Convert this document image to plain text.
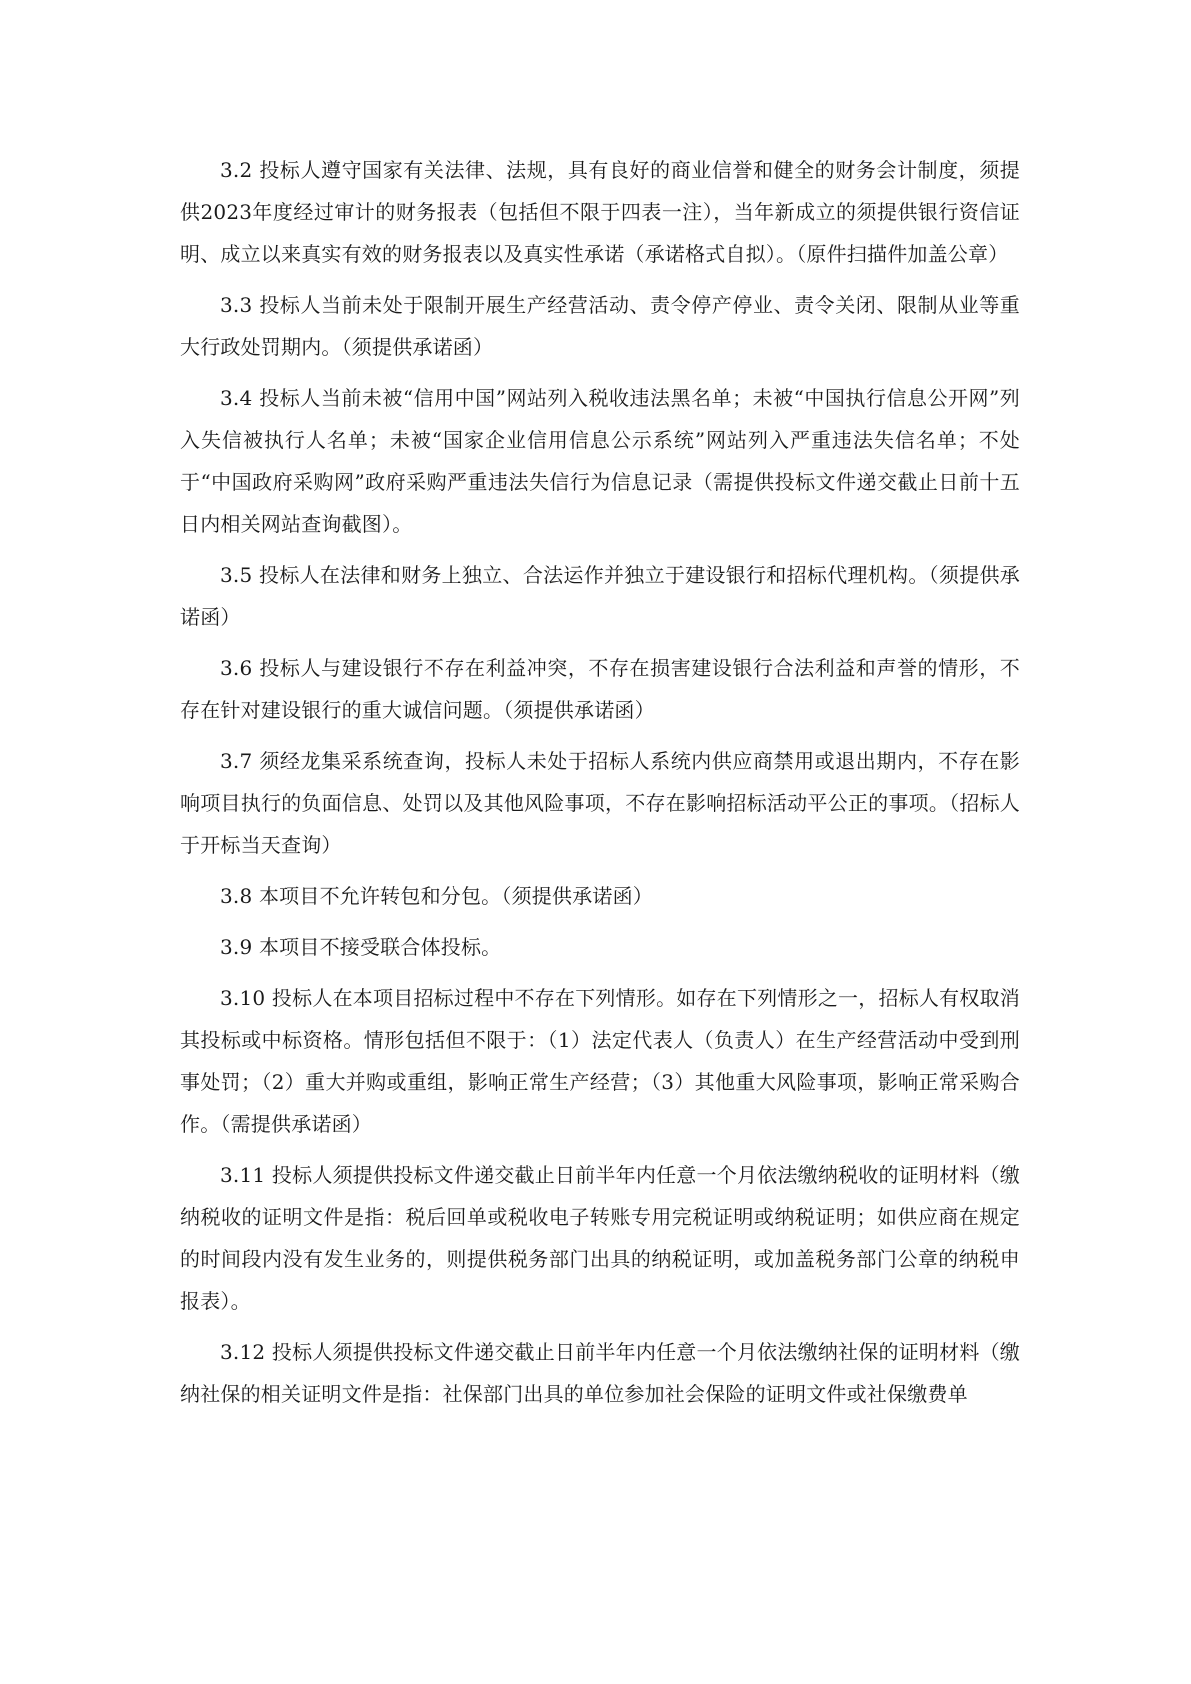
3.2 投标人遵守国家有关法律、法规，具有良好的商业信誉和健全的财务会计制度，须提供2023年度经过审计的财务报表（包括但不限于四表一注），当年新成立的须提供银行资信证明、成立以来真实有效的财务报表以及真实性承诺（承诺格式自拟）。（原件扫描件加盖公章）

3.3 投标人当前未处于限制开展生产经营活动、责令停产停业、责令关闭、限制从业等重大行政处罚期内。（须提供承诺函）

3.4 投标人当前未被“信用中国”网站列入税收违法黑名单；未被“中国执行信息公开网”列入失信被执行人名单；未被“国家企业信用信息公示系统”网站列入严重违法失信名单；不处于“中国政府采购网”政府采购严重违法失信行为信息记录（需提供投标文件递交截止日前十五日内相关网站查询截图）。

3.5 投标人在法律和财务上独立、合法运作并独立于建设银行和招标代理机构。（须提供承诺函）

3.6 投标人与建设银行不存在利益冲突，不存在损害建设银行合法利益和声誉的情形，不存在针对建设银行的重大诚信问题。（须提供承诺函）

3.7 须经龙集采系统查询，投标人未处于招标人系统内供应商禁用或退出期内，不存在影响项目执行的负面信息、处罚以及其他风险事项，不存在影响招标活动平公正的事项。（招标人于开标当天查询）

3.8 本项目不允许转包和分包。（须提供承诺函）

3.9 本项目不接受联合体投标。

3.10 投标人在本项目招标过程中不存在下列情形。如存在下列情形之一，招标人有权取消其投标或中标资格。情形包括但不限于：（1）法定代表人（负责人）在生产经营活动中受到刑事处罚；（2）重大并购或重组，影响正常生产经营；（3）其他重大风险事项，影响正常采购合作。（需提供承诺函）

3.11 投标人须提供投标文件递交截止日前半年内任意一个月依法缴纳税收的证明材料（缴纳税收的证明文件是指：税后回单或税收电子转账专用完税证明或纳税证明；如供应商在规定的时间段内没有发生业务的，则提供税务部门出具的纳税证明，或加盖税务部门公章的纳税申报表）。

3.12 投标人须提供投标文件递交截止日前半年内任意一个月依法缴纳社保的证明材料（缴纳社保的相关证明文件是指：社保部门出具的单位参加社会保险的证明文件或社保缴费单
